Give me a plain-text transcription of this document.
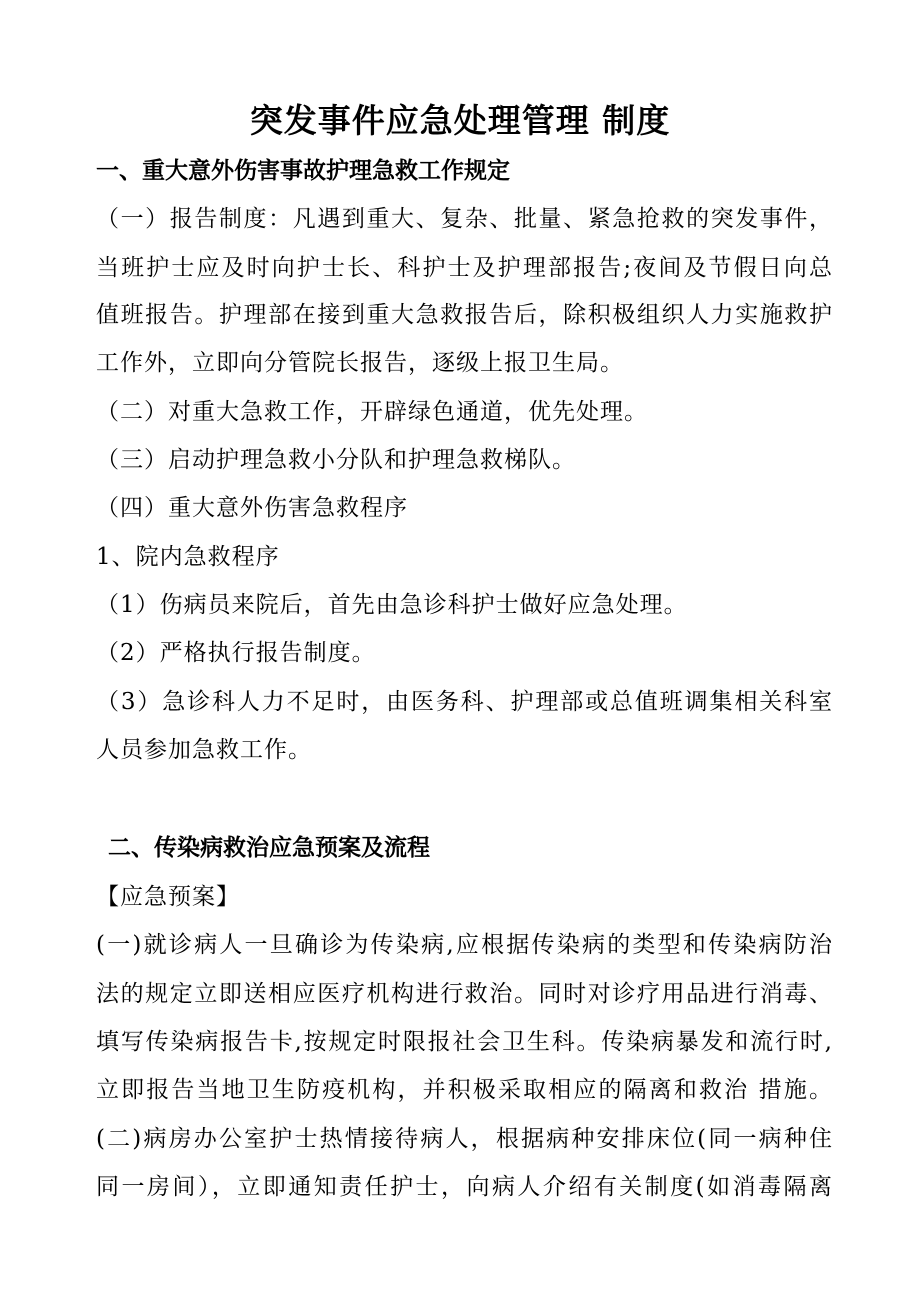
突发事件应急处理管理 制度
一、重大意外伤害事故护理急救工作规定
（一）报告制度：凡遇到重大、复杂、批量、紧急抢救的突发事件，
当班护士应及时向护士长、科护士及护理部报告;夜间及节假日向总
值班报告。护理部在接到重大急救报告后，除积极组织人力实施救护
工作外，立即向分管院长报告，逐级上报卫生局。
（二）对重大急救工作，开辟绿色通道，优先处理。
（三）启动护理急救小分队和护理急救梯队。
（四）重大意外伤害急救程序
1、院内急救程序
（1）伤病员来院后，首先由急诊科护士做好应急处理。
（2）严格执行报告制度。
（3）急诊科人力不足时，由医务科、护理部或总值班调集相关科室
人员参加急救工作。
二、传染病救治应急预案及流程
【应急预案】
(一)就诊病人一旦确诊为传染病,应根据传染病的类型和传染病防治
法的规定立即送相应医疗机构进行救治。同时对诊疗用品进行消毒、
填写传染病报告卡,按规定时限报社会卫生科。传染病暴发和流行时,
立即报告当地卫生防疫机构，并积极采取相应的隔离和救治 措施。
(二)病房办公室护士热情接待病人，根据病种安排床位(同一病种住
同一房间），立即通知责任护士，向病人介绍有关制度(如消毒隔离
